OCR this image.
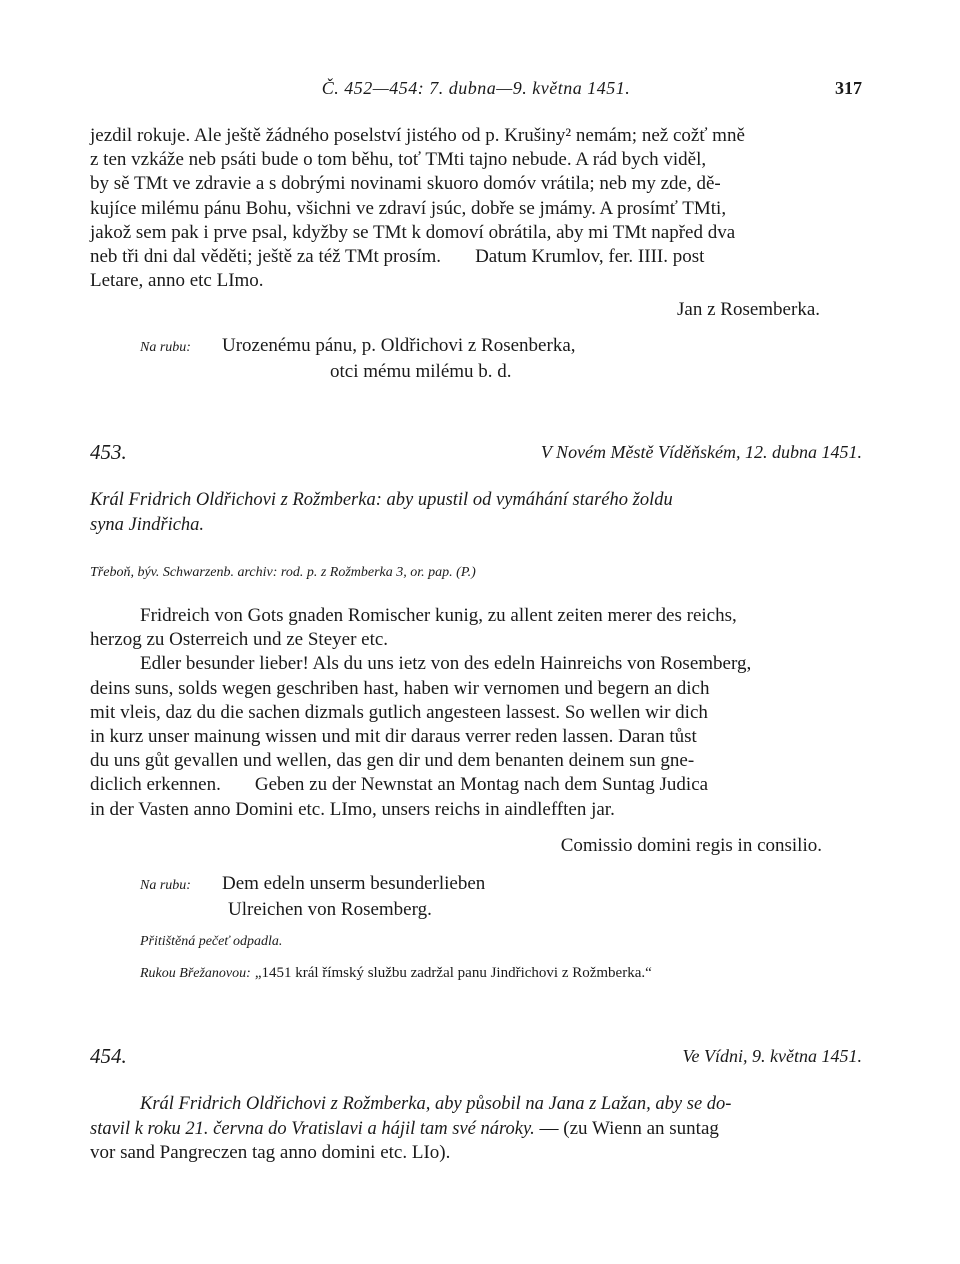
Č. 452—454: 7. dubna—9. května 1451.	317

jezdil rokuje. Ale ještě žádného poselství jistého od p. Krušiny² nemám; než cožť mně

z ten vzkáže neb psáti bude o tom běhu, toť TMti tajno nebude. A rád bych viděl,

by sě TMt ve zdravie a s dobrými novinami skuoro domóv vrátila; neb my zde, dě-

kujíce milému pánu Bohu, všichni ve zdraví jsúc, dobře se jmámy. A prosímť TMti,

jakož sem pak i prve psal, kdyžby se TMt k domoví obrátila, aby mi TMt napřed dva

neb tři dni dal věděti; ještě za též TMt prosím. Datum Krumlov, fer. IIII. post

Letare, anno etc LImo.

Jan z Rosemberka.
Na rubu: Urozenému pánu, p. Oldřichovi z Rosenberka,
otci mému milému b. d.
453.	V Novém Městě Víděňském, 12. dubna 1451.

Král Fridrich Oldřichovi z Rožmberka: aby upustil od vymáhání starého žoldu

syna Jindřicha.

Třeboň, býv. Schwarzenb. archiv: rod. p. z Rožmberka 3, or. pap. (P.)

Fridreich von Gots gnaden Romischer kunig, zu allent zeiten merer des reichs,

herzog zu Osterreich und ze Steyer etc.

Edler besunder lieber! Als du uns ietz von des edeln Hainreichs von Rosemberg,

deins suns, solds wegen geschriben hast, haben wir vernomen und begern an dich

mit vleis, daz du die sachen dizmals gutlich angesteen lassest. So wellen wir dich

in kurz unser mainung wissen und mit dir daraus verrer reden lassen. Daran tůst

du uns gůt gevallen und wellen, das gen dir und dem benanten deinem sun gne-

diclich erkennen. Geben zu der Newnstat an Montag nach dem Suntag Judica

in der Vasten anno Domini etc. LImo, unsers reichs in aindlefften jar.

Comissio domini regis in consilio.
Na rubu: Dem edeln unserm besunderlieben
Ulreichen von Rosemberg.
Přitištěná pečeť odpadla.
Rukou Břežanovou: „1451 král římský službu zadržal panu Jindřichovi z Rožmberka.“
454.	Ve Vídni, 9. května 1451.

Král Fridrich Oldřichovi z Rožmberka, aby působil na Jana z Lažan, aby se do-

stavil k roku 21. června do Vratislavi a hájil tam své nároky. — (zu Wienn an suntag

vor sand Pangreczen tag anno domini etc. LIo).
